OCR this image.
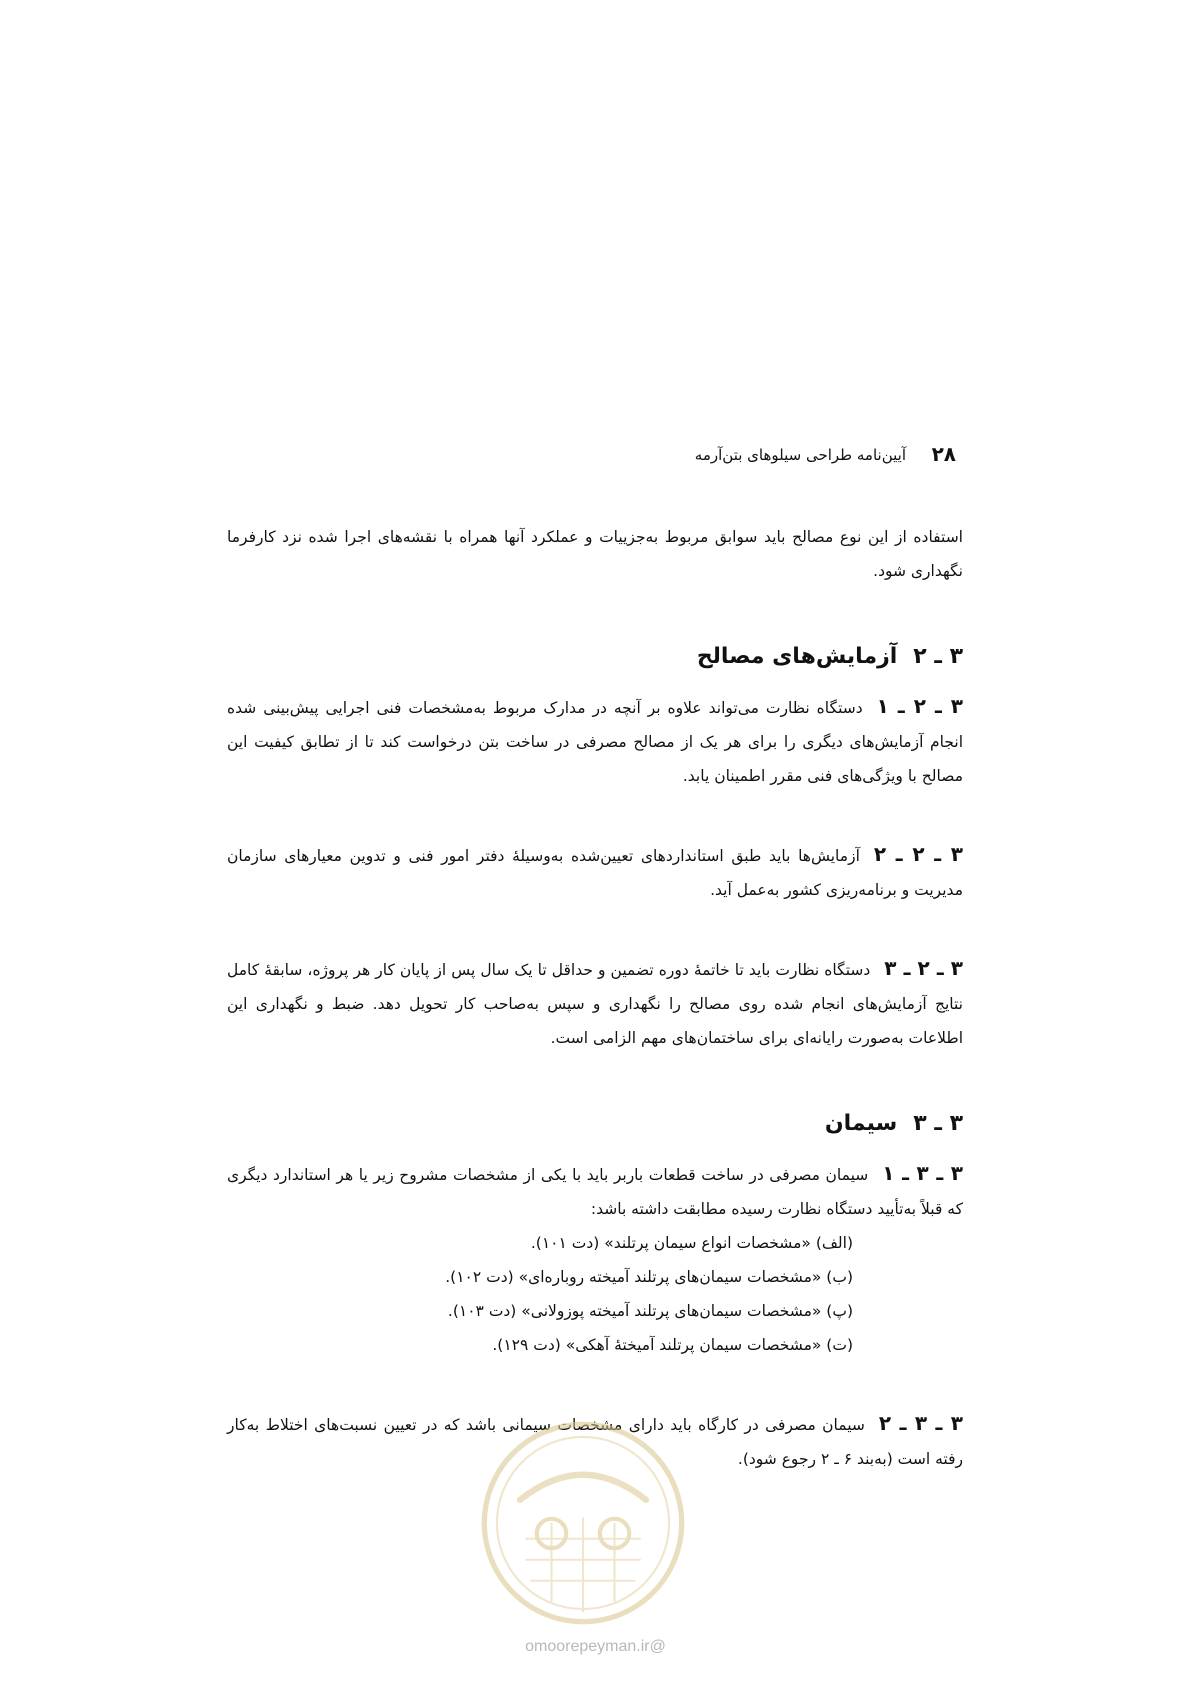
۲۸
آیین‌نامه طراحی سیلوهای بتن‌آرمه

استفاده از این نوع مصالح باید سوابق مربوط به‌جزییات و عملکرد آنها همراه با نقشه‌های اجرا شده نزد کارفرما نگهداری شود.

۳ ـ ۲آزمایش‌های مصالح

۳ ـ ۲ ـ ۱دستگاه نظارت می‌تواند علاوه بر آنچه در مدارک مربوط به‌مشخصات فنی اجرایی پیش‌بینی شده انجام آزمایش‌های دیگری را برای هر یک از مصالح مصرفی در ساخت بتن درخواست کند تا از تطابق کیفیت این مصالح با ویژگی‌های فنی مقرر اطمینان یابد.

۳ ـ ۲ ـ ۲آزمایش‌ها باید طبق استانداردهای تعیین‌شده به‌وسیلهٔ دفتر امور فنی و تدوین معیارهای سازمان مدیریت و برنامه‌ریزی کشور به‌عمل آید.

۳ ـ ۲ ـ ۳دستگاه نظارت باید تا خاتمهٔ دوره تضمین و حداقل تا یک سال پس از پایان کار هر پروژه، سابقهٔ کامل نتایج آزمایش‌های انجام شده روی مصالح را نگهداری و سپس به‌صاحب کار تحویل دهد. ضبط و نگهداری این اطلاعات به‌صورت رایانه‌ای برای ساختمان‌های مهم الزامی است.

۳ ـ ۳سیمان

۳ ـ ۳ ـ ۱سیمان مصرفی در ساخت قطعات باربر باید با یکی از مشخصات مشروح زیر یا هر استاندارد دیگری که قبلاً به‌تأیید دستگاه نظارت رسیده مطابقت داشته باشد:

(الف) «مشخصات انواع سیمان پرتلند» (دت ۱۰۱).
(ب) «مشخصات سیمان‌های پرتلند آمیخته روباره‌ای» (دت ۱۰۲).
(پ) «مشخصات سیمان‌های پرتلند آمیخته پوزولانی» (دت ۱۰۳).
(ت) «مشخصات سیمان پرتلند آمیختهٔ آهکی» (دت ۱۲۹).

۳ ـ ۳ ـ ۲سیمان مصرفی در کارگاه باید دارای مشخصات سیمانی باشد که در تعیین نسبت‌های اختلاط به‌کار رفته است (به‌بند ۶ ـ ۲ رجوع شود).

@omoorepeyman.ir
